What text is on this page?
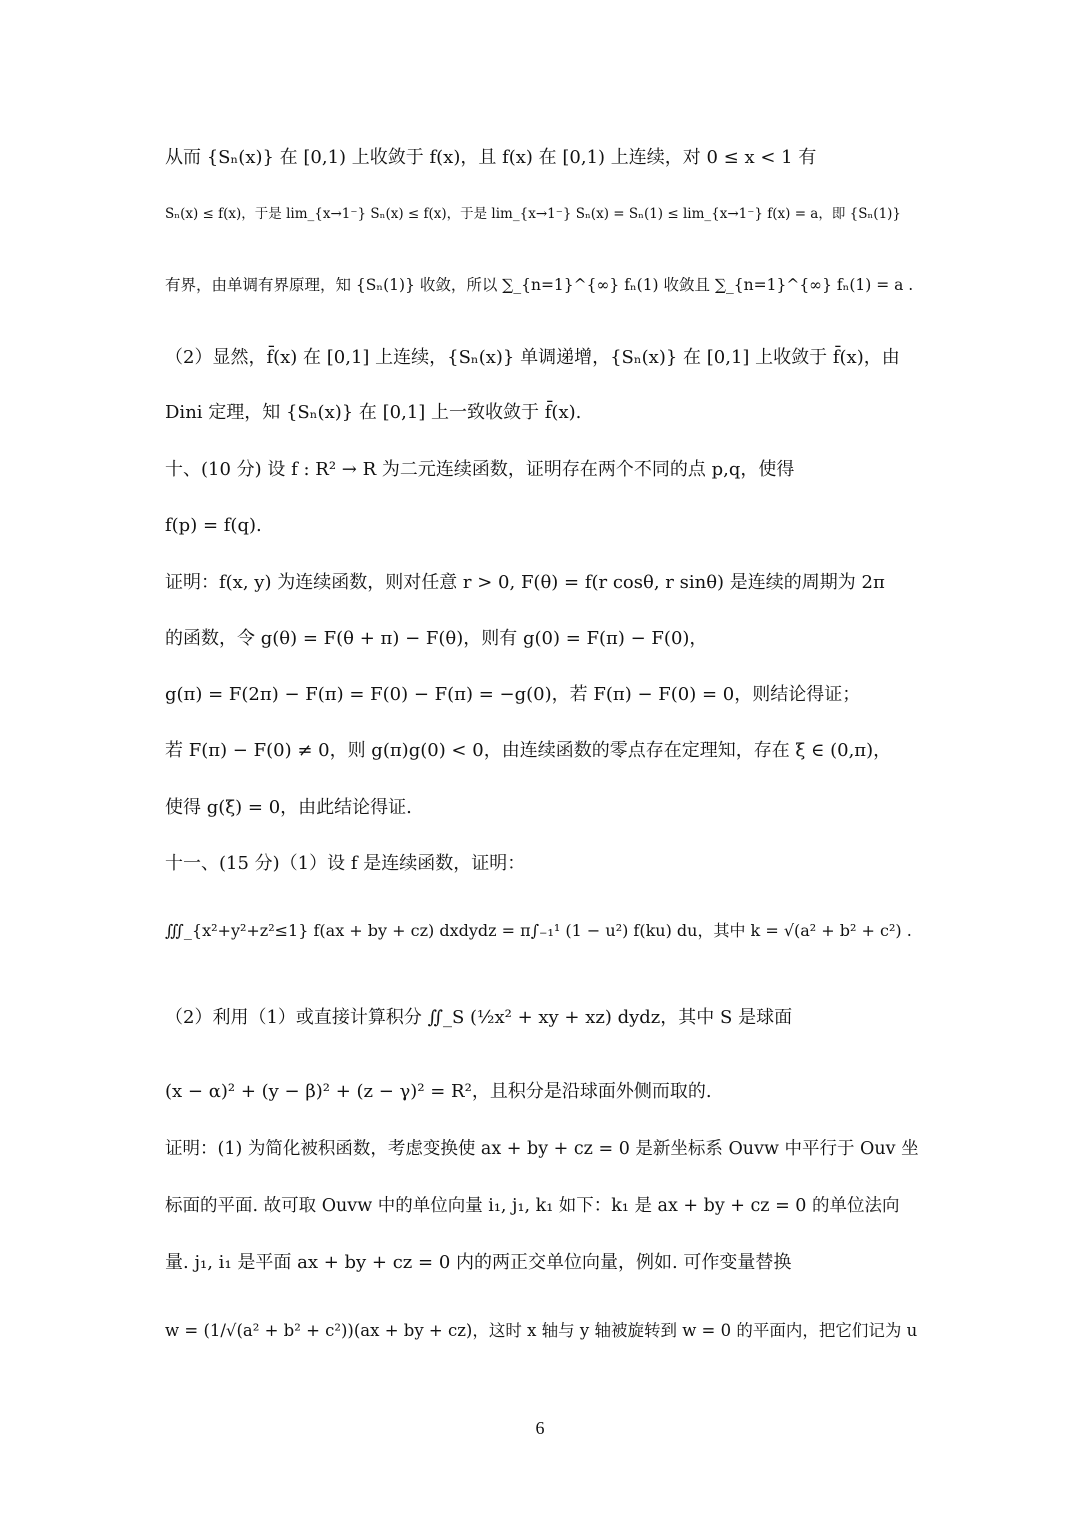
从而 {Sₙ(x)} 在 [0,1) 上收敛于 f(x)，且 f(x) 在 [0,1) 上连续，对 0 ≤ x < 1 有
Sₙ(x) ≤ f(x)，于是 lim_{x→1⁻} Sₙ(x) ≤ f(x)，于是 lim_{x→1⁻} Sₙ(x) = Sₙ(1) ≤ lim_{x→1⁻} f(x) = a，即 {Sₙ(1)}
有界，由单调有界原理，知 {Sₙ(1)} 收敛，所以 ∑_{n=1}^{∞} fₙ(1) 收敛且 ∑_{n=1}^{∞} fₙ(1) = a .
（2）显然，f̄(x) 在 [0,1] 上连续，{Sₙ(x)} 单调递增，{Sₙ(x)} 在 [0,1] 上收敛于 f̄(x)，由
Dini 定理，知 {Sₙ(x)} 在 [0,1] 上一致收敛于 f̄(x).
十、(10 分) 设 f : R² → R 为二元连续函数，证明存在两个不同的点 p,q，使得
f(p) = f(q).
证明：f(x, y) 为连续函数，则对任意 r > 0, F(θ) = f(r cosθ, r sinθ) 是连续的周期为 2π
的函数，令 g(θ) = F(θ + π) − F(θ)，则有 g(0) = F(π) − F(0)，
g(π) = F(2π) − F(π) = F(0) − F(π) = −g(0)，若 F(π) − F(0) = 0，则结论得证；
若 F(π) − F(0) ≠ 0，则 g(π)g(0) < 0，由连续函数的零点存在定理知，存在 ξ ∈ (0,π)，
使得 g(ξ) = 0，由此结论得证.
十一、(15 分)（1）设 f 是连续函数，证明：
∭_{x²+y²+z²≤1} f(ax + by + cz) dxdydz = π∫₋₁¹ (1 − u²) f(ku) du，其中 k = √(a² + b² + c²) .
（2）利用（1）或直接计算积分 ∬_S (½x² + xy + xz) dydz，其中 S 是球面
(x − α)² + (y − β)² + (z − γ)² = R²，且积分是沿球面外侧而取的.
证明：(1) 为简化被积函数，考虑变换使 ax + by + cz = 0 是新坐标系 Ouvw 中平行于 Ouv 坐
标面的平面. 故可取 Ouvw 中的单位向量 i₁, j₁, k₁ 如下：k₁ 是 ax + by + cz = 0 的单位法向
量. j₁, i₁ 是平面 ax + by + cz = 0 内的两正交单位向量，例如. 可作变量替换
w = (1/√(a² + b² + c²))(ax + by + cz)，这时 x 轴与 y 轴被旋转到 w = 0 的平面内，把它们记为 u
6
